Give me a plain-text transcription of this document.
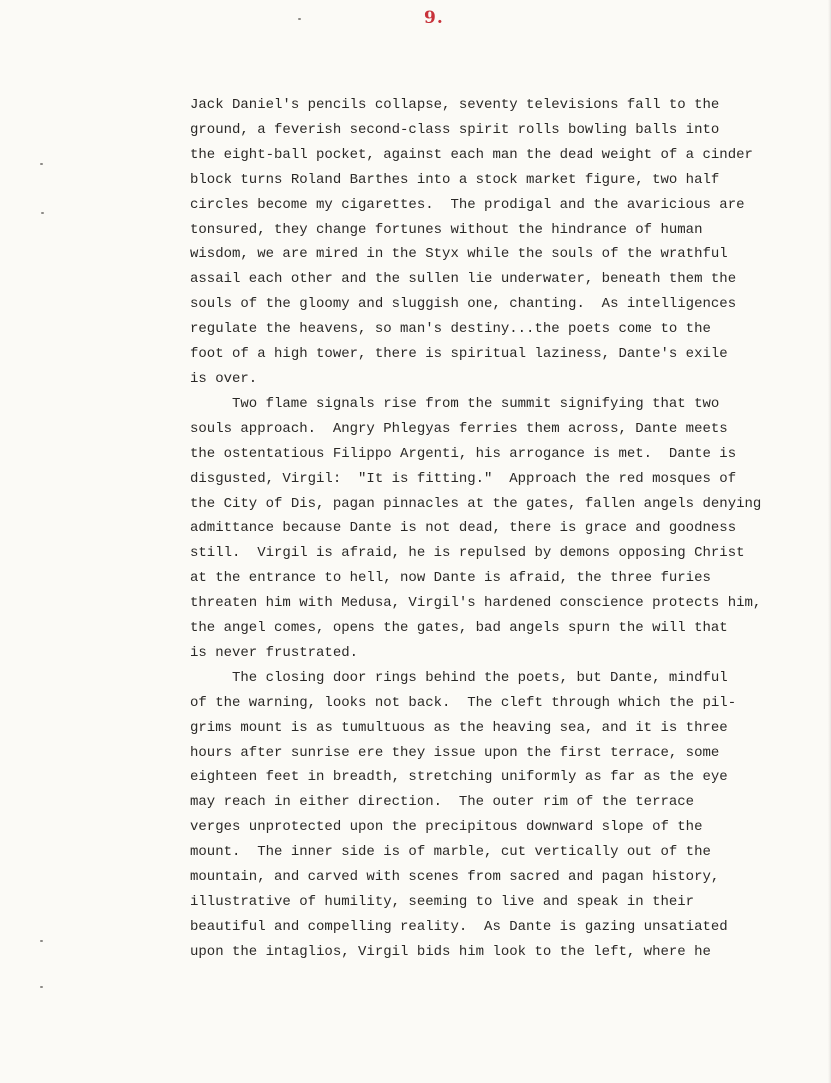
9.

Jack Daniel's pencils collapse, seventy televisions fall to the
ground, a feverish second-class spirit rolls bowling balls into
the eight-ball pocket, against each man the dead weight of a cinder
block turns Roland Barthes into a stock market figure, two half
circles become my cigarettes.  The prodigal and the avaricious are
tonsured, they change fortunes without the hindrance of human
wisdom, we are mired in the Styx while the souls of the wrathful
assail each other and the sullen lie underwater, beneath them the
souls of the gloomy and sluggish one, chanting.  As intelligences
regulate the heavens, so man's destiny...the poets come to the
foot of a high tower, there is spiritual laziness, Dante's exile
is over.

Two flame signals rise from the summit signifying that two
souls approach.  Angry Phlegyas ferries them across, Dante meets
the ostentatious Filippo Argenti, his arrogance is met.  Dante is
disgusted, Virgil:  "It is fitting."  Approach the red mosques of
the City of Dis, pagan pinnacles at the gates, fallen angels denying
admittance because Dante is not dead, there is grace and goodness
still.  Virgil is afraid, he is repulsed by demons opposing Christ
at the entrance to hell, now Dante is afraid, the three furies
threaten him with Medusa, Virgil's hardened conscience protects him,
the angel comes, opens the gates, bad angels spurn the will that
is never frustrated.

The closing door rings behind the poets, but Dante, mindful
of the warning, looks not back.  The cleft through which the pil-
grims mount is as tumultuous as the heaving sea, and it is three
hours after sunrise ere they issue upon the first terrace, some
eighteen feet in breadth, stretching uniformly as far as the eye
may reach in either direction.  The outer rim of the terrace
verges unprotected upon the precipitous downward slope of the
mount.  The inner side is of marble, cut vertically out of the
mountain, and carved with scenes from sacred and pagan history,
illustrative of humility, seeming to live and speak in their
beautiful and compelling reality.  As Dante is gazing unsatiated
upon the intaglios, Virgil bids him look to the left, where he
